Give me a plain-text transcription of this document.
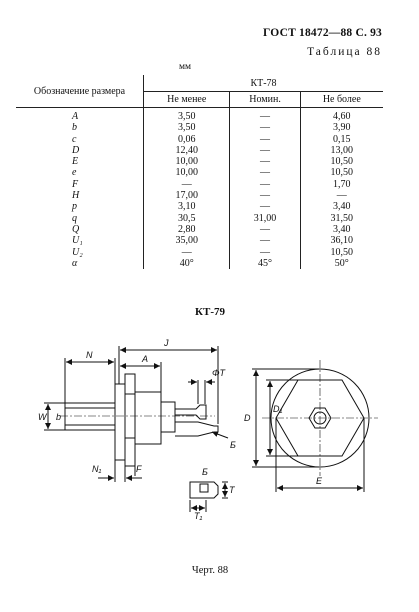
ГОСТ 18472—88 С. 93
Таблица 88
мм
Обозначение размера	КТ-78		
	Не менее	Номин.	Не более
A	3,50	—	4,60
b	3,50	—	3,90
c	0,06	—	0,15
D	12,40	—	13,00
E	10,00	—	10,50
e	10,00	—	10,50
F	—	—	1,70
H	17,00	—	—
p	3,10	—	3,40
q	30,5	31,00	31,50
Q	2,80	—	3,40
U₁	35,00	—	36,10
U₂	—	—	10,50
α	40°	45°	50°
КТ-79
N
J
A
ΦT
W b
N₁	F
Б
D
D₁
E
Б
T
T₁
Черт. 88
